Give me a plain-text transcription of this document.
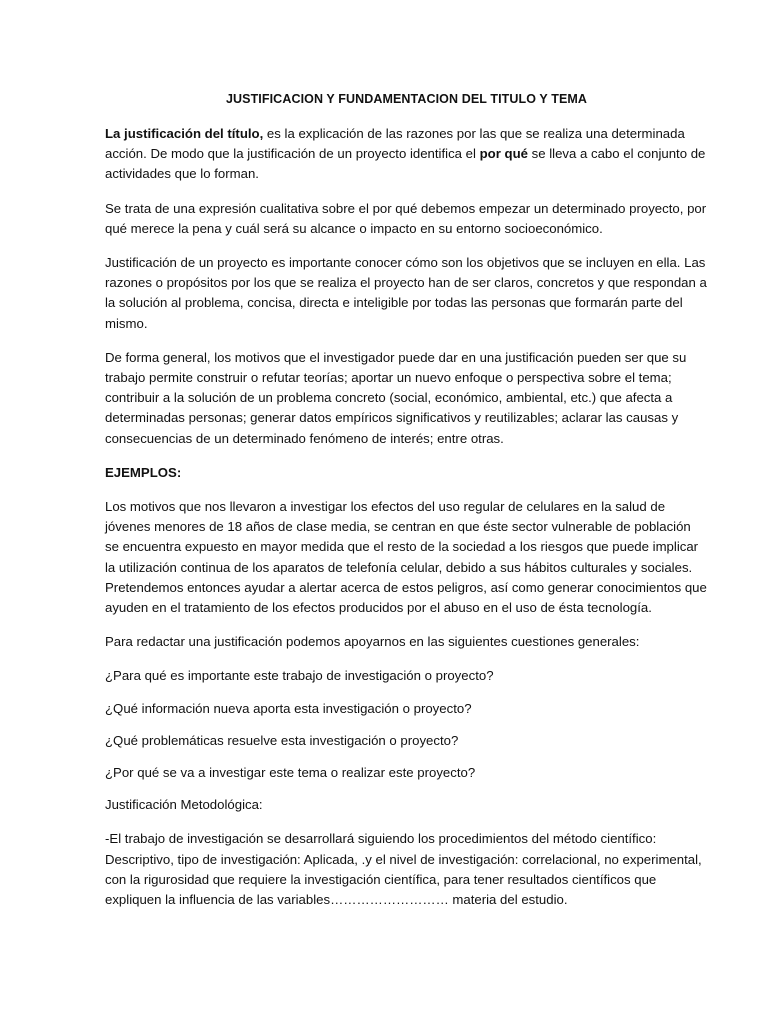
JUSTIFICACION Y FUNDAMENTACION DEL TITULO Y TEMA

La justificación del título, es la explicación de las razones por las que se realiza una determinada acción. De modo que la justificación de un proyecto identifica el por qué se lleva a cabo el conjunto de actividades que lo forman.

Se trata de una expresión cualitativa sobre el por qué debemos empezar un determinado proyecto, por qué merece la pena y cuál será su alcance o impacto en su entorno socioeconómico.

Justificación de un proyecto es importante conocer cómo son los objetivos que se incluyen en ella. Las razones o propósitos por los que se realiza el proyecto han de ser claros, concretos y que respondan a la solución al problema, concisa, directa e inteligible por todas las personas que formarán parte del mismo.

De forma general, los motivos que el investigador puede dar en una justificación pueden ser que su trabajo permite construir o refutar teorías; aportar un nuevo enfoque o perspectiva sobre el tema; contribuir a la solución de un problema concreto (social, económico, ambiental, etc.) que afecta a determinadas personas; generar datos empíricos significativos y reutilizables; aclarar las causas y consecuencias de un determinado fenómeno de interés; entre otras.

EJEMPLOS:

Los motivos que nos llevaron a investigar los efectos del uso regular de celulares en la salud de jóvenes menores de 18 años de clase media, se centran en que éste sector vulnerable de población se encuentra expuesto en mayor medida que el resto de la sociedad a los riesgos que puede implicar la utilización continua de los aparatos de telefonía celular, debido a sus hábitos culturales y sociales. Pretendemos entonces ayudar a alertar acerca de estos peligros, así como generar conocimientos que ayuden en el tratamiento de los efectos producidos por el abuso en el uso de ésta tecnología.

Para redactar una justificación podemos apoyarnos en las siguientes cuestiones generales:

¿Para qué es importante este trabajo de investigación o proyecto?

¿Qué información nueva aporta esta investigación o proyecto?

¿Qué problemáticas resuelve esta investigación o proyecto?

¿Por qué se va a investigar este tema o realizar este proyecto?

Justificación Metodológica:

-El trabajo de investigación se desarrollará siguiendo los procedimientos del método científico: Descriptivo, tipo de investigación: Aplicada, .y el nivel de investigación: correlacional, no experimental, con la rigurosidad que requiere la investigación científica, para tener resultados científicos que expliquen la influencia de las variables……………………… materia del estudio.
